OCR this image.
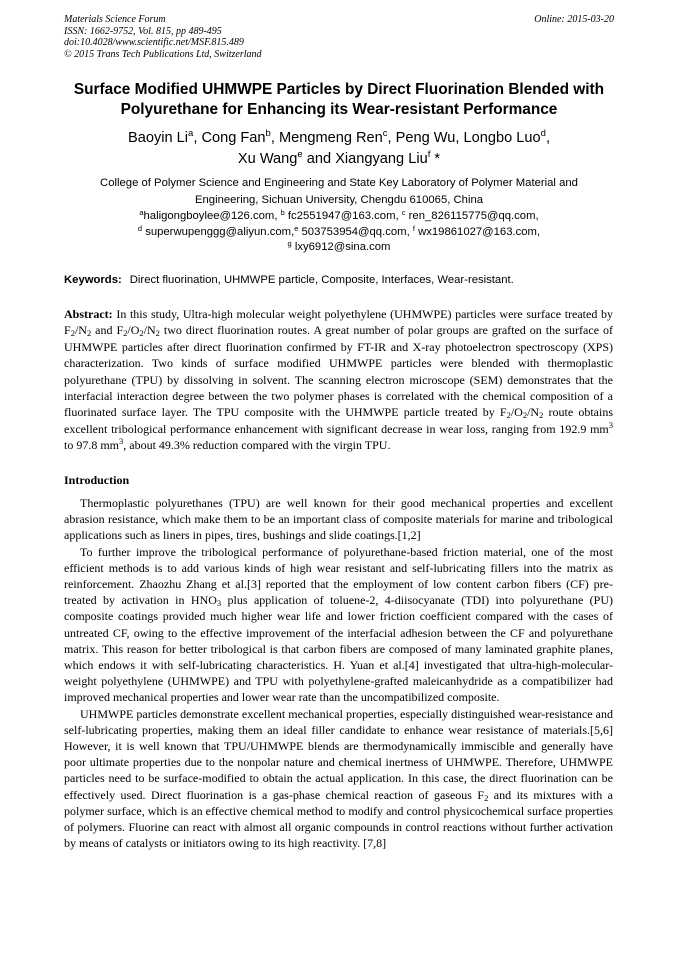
Materials Science Forum
ISSN: 1662-9752, Vol. 815, pp 489-495
doi:10.4028/www.scientific.net/MSF.815.489
© 2015 Trans Tech Publications Ltd, Switzerland
Online: 2015-03-20
Surface Modified UHMWPE Particles by Direct Fluorination Blended with
Polyurethane for Enhancing its Wear-resistant Performance
Baoyin Li$^a$, Cong Fan$^b$, Mengmeng Ren$^c$, Peng Wu, Longbo Luo$^d$,
Xu Wang$^e$ and Xiangyang Liu$^f$ *
College of Polymer Science and Engineering and State Key Laboratory of Polymer Material and
Engineering, Sichuan University, Chengdu 610065, China
$^a$haligongboylee@126.com, $^b$ fc2551947@163.com, $^c$ ren_826115775@qq.com,
$^d$ superwupenggg@aliyun.com,$^e$ 503753954@qq.com, $^f$ wx19861027@163.com,
$^g$ lxy6912@sina.com
Keywords: Direct fluorination, UHMWPE particle, Composite, Interfaces, Wear-resistant.

Abstract: In this study, Ultra-high molecular weight polyethylene (UHMWPE) particles were surface treated by $F_2/N_2$ and $F_2/O_2/N_2$ two direct fluorination routes. A great number of polar groups are grafted on the surface of UHMWPE particles after direct fluorination confirmed by FT-IR and X-ray photoelectron spectroscopy (XPS) characterization. Two kinds of surface modified UHMWPE particles were blended with thermoplastic polyurethane (TPU) by dissolving in solvent. The scanning electron microscope (SEM) demonstrates that the interfacial interaction degree between the two polymer phases is correlated with the chemical composition of a fluorinated surface layer. The TPU composite with the UHMWPE particle treated by $F_2/O_2/N_2$ route obtains excellent tribological performance enhancement with significant decrease in wear loss, ranging from 192.9 $mm^3$ to 97.8 $mm^3$, about 49.3% reduction compared with the virgin TPU.

Introduction

Thermoplastic polyurethanes (TPU) are well known for their good mechanical properties and excellent abrasion resistance, which make them to be an important class of composite materials for marine and tribological applications such as liners in pipes, tires, bushings and slide coatings.[1,2]

To further improve the tribological performance of polyurethane-based friction material, one of the most efficient methods is to add various kinds of high wear resistant and self-lubricating fillers into the matrix as reinforcement. Zhaozhu Zhang et al.[3] reported that the employment of low content carbon fibers (CF) pre-treated by activation in $HNO_3$ plus application of toluene-2, 4-diisocyanate (TDI) into polyurethane (PU) composite coatings provided much higher wear life and lower friction coefficient compared with the cases of untreated CF, owing to the effective improvement of the interfacial adhesion between the CF and polyurethane matrix. This reason for better tribological is that carbon fibers are composed of many laminated graphite planes, which endows it with self-lubricating characteristics. H. Yuan et al.[4] investigated that ultra-high-molecular-weight polyethylene (UHMWPE) and TPU with polyethylene-grafted maleicanhydride as a compatibilizer had improved mechanical properties and lower wear rate than the uncompatibilized composite.

UHMWPE particles demonstrate excellent mechanical properties, especially distinguished wear-resistance and self-lubricating properties, making them an ideal filler candidate to enhance wear resistance of materials.[5,6] However, it is well known that TPU/UHMWPE blends are thermodynamically immiscible and generally have poor ultimate properties due to the nonpolar nature and chemical inertness of UHMWPE. Therefore, UHMWPE particles need to be surface-modified to obtain the actual application. In this case, the direct fluorination can be effectively used. Direct fluorination is a gas-phase chemical reaction of gaseous $F_2$ and its mixtures with a polymer surface, which is an effective chemical method to modify and control physicochemical surface properties of polymers. Fluorine can react with almost all organic compounds in control reactions without further activation by means of catalysts or initiators owing to its high reactivity. [7,8]
